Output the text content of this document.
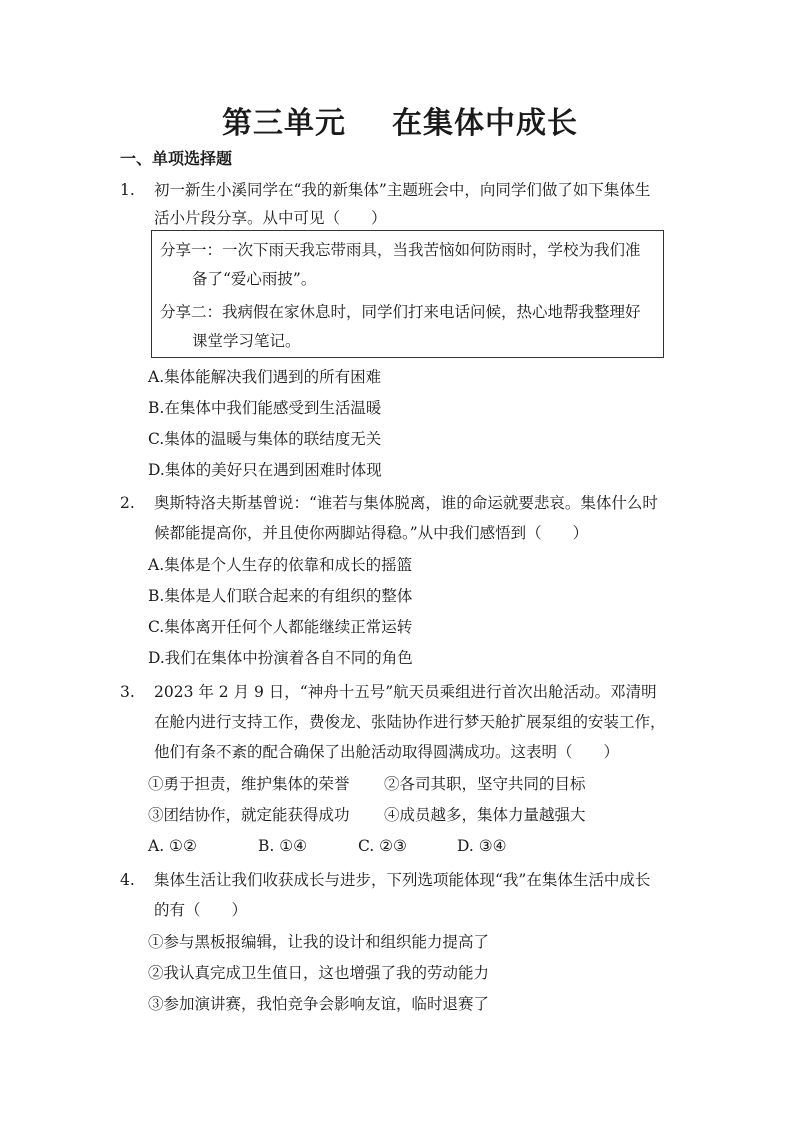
第三单元 在集体中成长
一、单项选择题
1. 初一新生小溪同学在“我的新集体”主题班会中，向同学们做了如下集体生
活小片段分享。从中可见（　　）
分享一：一次下雨天我忘带雨具，当我苦恼如何防雨时，学校为我们准
备了“爱心雨披”。
分享二：我病假在家休息时，同学们打来电话问候，热心地帮我整理好
课堂学习笔记。
A.集体能解决我们遇到的所有困难
B.在集体中我们能感受到生活温暖
C.集体的温暖与集体的联结度无关
D.集体的美好只在遇到困难时体现
2. 奥斯特洛夫斯基曾说：“谁若与集体脱离，谁的命运就要悲哀。集体什么时
候都能提高你，并且使你两脚站得稳。”从中我们感悟到（　　）
A.集体是个人生存的依靠和成长的摇篮
B.集体是人们联合起来的有组织的整体
C.集体离开任何个人都能继续正常运转
D.我们在集体中扮演着各自不同的角色
3. 2023 年 2 月 9 日，“神舟十五号”航天员乘组进行首次出舱活动。邓清明
在舱内进行支持工作，费俊龙、张陆协作进行梦天舱扩展泵组的安装工作，
他们有条不紊的配合确保了出舱活动取得圆满成功。这表明（　　）
①勇于担责，维护集体的荣誉 ②各司其职，坚守共同的目标
③团结协作，就定能获得成功 ④成员越多，集体力量越强大
A. ①②	B. ①④	C. ②③	D. ③④
4. 集体生活让我们收获成长与进步，下列选项能体现“我”在集体生活中成长
的有（　　）
①参与黑板报编辑，让我的设计和组织能力提高了
②我认真完成卫生值日，这也增强了我的劳动能力
③参加演讲赛，我怕竞争会影响友谊，临时退赛了
